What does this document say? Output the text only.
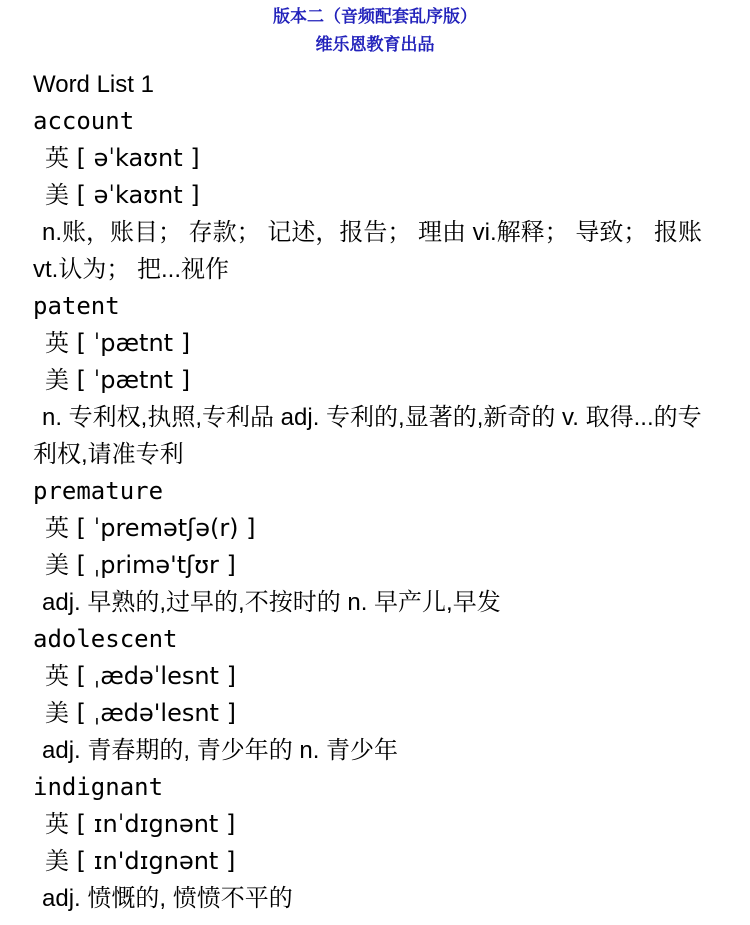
版本二（音频配套乱序版）

维乐恩教育出品

Word List 1

account

英 [ əˈkaʊnt ]

美 [ əˈkaʊnt ]

n.账，账目； 存款； 记述，报告； 理由 vi.解释； 导致； 报账 vt.认为； 把...视作

patent

英 [ ˈpætnt ]

美 [ ˈpætnt ]

n. 专利权,执照,专利品 adj. 专利的,显著的,新奇的 v. 取得...的专利权,请准专利

premature

英 [ ˈpremətʃə(r) ]

美 [ ˌprimə'tʃʊr ]

adj. 早熟的,过早的,不按时的 n. 早产儿,早发

adolescent

英 [ ˌædəˈlesnt ]

美 [ ˌædə'lesnt ]

adj. 青春期的, 青少年的 n. 青少年

indignant

英 [ ɪnˈdɪgnənt ]

美 [ ɪn'dɪgnənt ]

adj. 愤慨的, 愤愤不平的
